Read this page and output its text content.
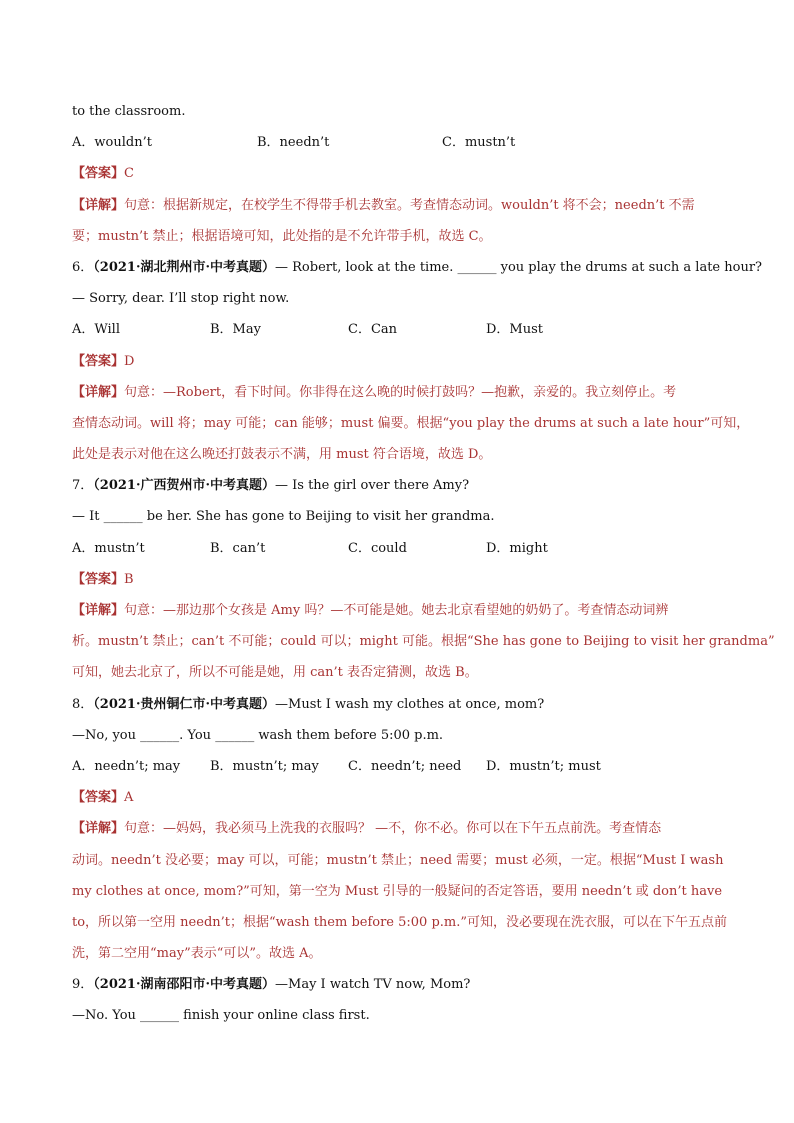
to the classroom.
A．wouldn’t	B．needn’t	C．mustn’t
【答案】C
【详解】句意：根据新规定，在校学生不得带手机去教室。考查情态动词。wouldn’t 将不会；needn’t 不需
要；mustn’t 禁止；根据语境可知，此处指的是不允许带手机，故选 C。
6．（2021·湖北荆州市·中考真题）— Robert, look at the time. ______ you play the drums at such a late hour?
— Sorry, dear. I’ll stop right now.
A．Will	B．May	C．Can	D．Must
【答案】D
【详解】句意：—Robert，看下时间。你非得在这么晚的时候打鼓吗？—抱歉，亲爱的。我立刻停止。考
查情态动词。will 将；may 可能；can 能够；must 偏要。根据“you play the drums at such a late hour”可知，
此处是表示对他在这么晚还打鼓表示不满，用 must 符合语境，故选 D。
7．（2021·广西贺州市·中考真题）— Is the girl over there Amy?
— It ______ be her. She has gone to Beijing to visit her grandma.
A．mustn’t	B．can’t	C．could	D．might
【答案】B
【详解】句意：—那边那个女孩是 Amy 吗？—不可能是她。她去北京看望她的奶奶了。考查情态动词辨
析。mustn’t 禁止；can’t 不可能；could 可以；might 可能。根据“She has gone to Beijing to visit her grandma”
可知，她去北京了，所以不可能是她，用 can’t 表否定猜测，故选 B。
8．（2021·贵州铜仁市·中考真题）—Must I wash my clothes at once, mom?
—No, you ______. You ______ wash them before 5:00 p.m.
A．needn’t; may B．mustn’t; may C．needn’t; need D．mustn’t; must
【答案】A
【详解】句意：—妈妈，我必须马上洗我的衣服吗？ —不，你不必。你可以在下午五点前洗。考查情态
动词。needn’t 没必要；may 可以，可能；mustn’t 禁止；need 需要；must 必须，一定。根据“Must I wash
my clothes at once, mom?”可知，第一空为 Must 引导的一般疑问的否定答语，要用 needn’t 或 don’t have
to，所以第一空用 needn’t；根据“wash them before 5:00 p.m.”可知，没必要现在洗衣服，可以在下午五点前
洗，第二空用“may”表示“可以”。故选 A。
9．（2021·湖南邵阳市·中考真题）—May I watch TV now, Mom?
—No. You ______ finish your online class first.
